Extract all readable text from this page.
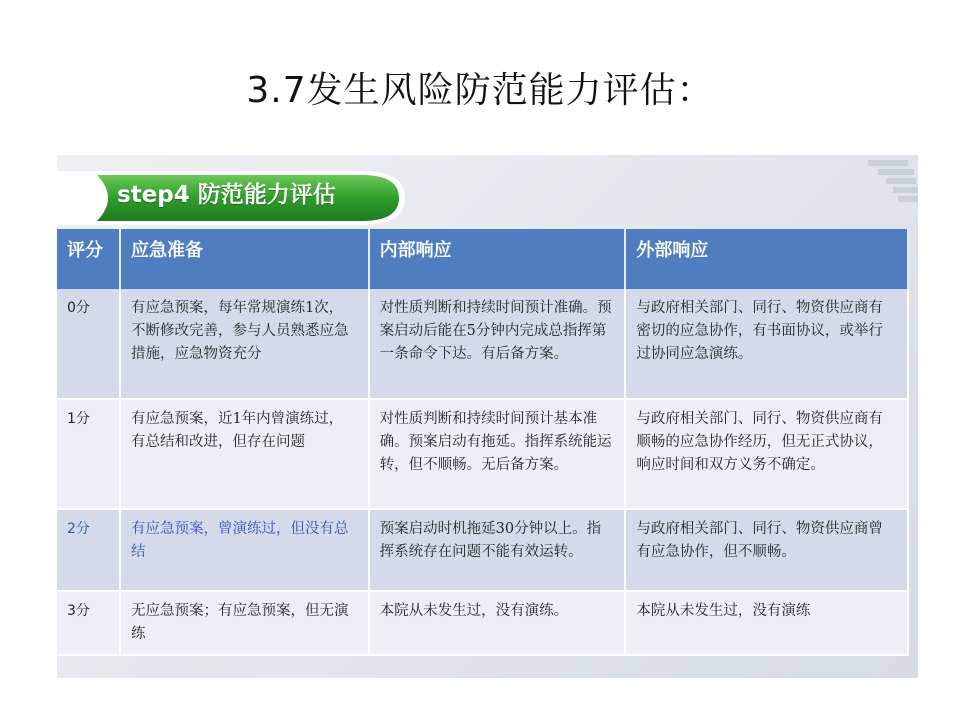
3.7发生风险防范能力评估：
step4 防范能力评估
评分	应急准备	内部响应	外部响应
0分	有应急预案，每年常规演练1次，不断修改完善，参与人员熟悉应急措施，应急物资充分	对性质判断和持续时间预计准确。预案启动后能在5分钟内完成总指挥第一条命令下达。有后备方案。	与政府相关部门、同行、物资供应商有密切的应急协作，有书面协议，或举行过协同应急演练。
1分	有应急预案，近1年内曾演练过，有总结和改进，但存在问题	对性质判断和持续时间预计基本准确。预案启动有拖延。指挥系统能运转，但不顺畅。无后备方案。	与政府相关部门、同行、物资供应商有顺畅的应急协作经历，但无正式协议，响应时间和双方义务不确定。
2分	有应急预案，曾演练过，但没有总结	预案启动时机拖延30分钟以上。指挥系统存在问题不能有效运转。	与政府相关部门、同行、物资供应商曾有应急协作，但不顺畅。
3分	无应急预案；有应急预案，但无演练	本院从未发生过，没有演练。	本院从未发生过，没有演练
